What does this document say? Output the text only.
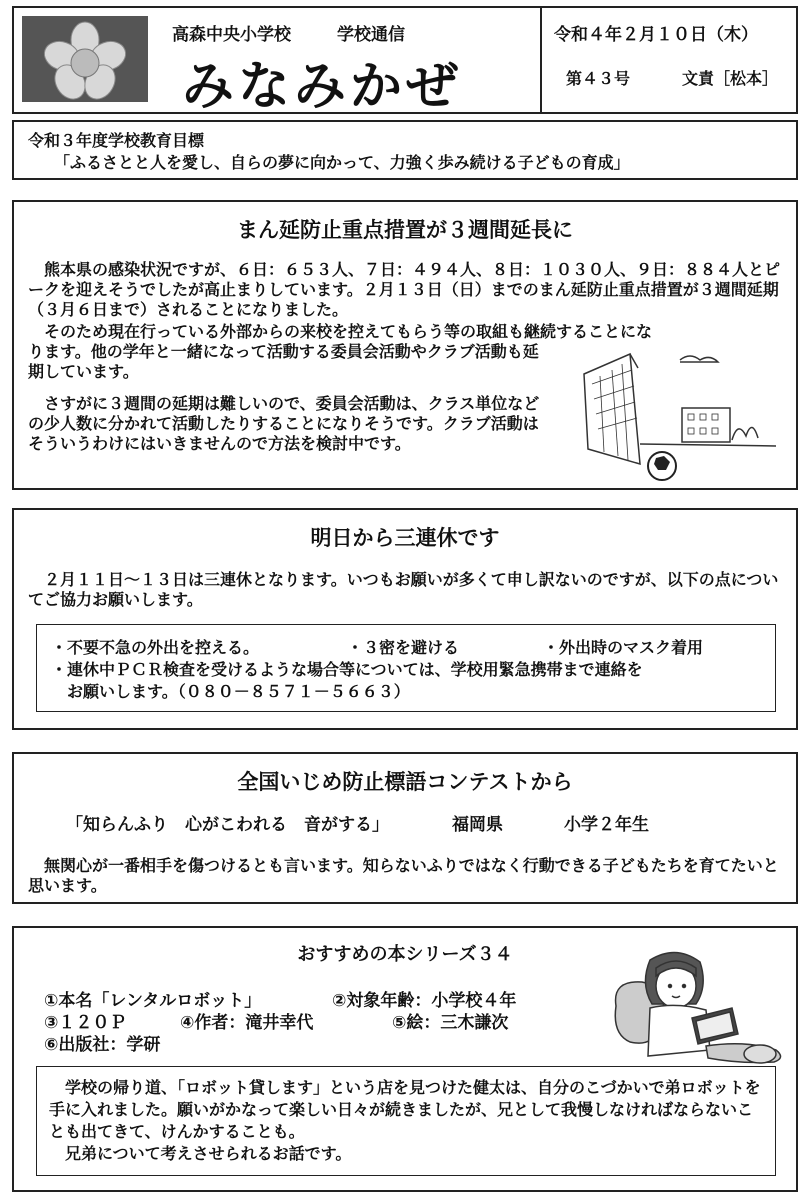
高森中央小学校	学校通信
みなみかぜ
令和４年２月１０日（木）
第４３号	文責［松本］
令和３年度学校教育目標
「ふるさとと人を愛し、自らの夢に向かって、力強く歩み続ける子どもの育成」
まん延防止重点措置が３週間延長に
　熊本県の感染状況ですが、６日：６５３人、７日：４９４人、８日：１０３０人、９日：８８４人とピークを迎えそうでしたが高止まりしています。２月１３日（日）までのまん延防止重点措置が３週間延期（３月６日まで）されることになりました。
　そのため現在行っている外部からの来校を控えてもらう等の取組も継続することにな
ります。他の学年と一緒になって活動する委員会活動やクラブ活動も延期しています。
　さすがに３週間の延期は難しいので、委員会活動は、クラス単位などの少人数に分かれて活動したりすることになりそうです。クラブ活動はそういうわけにはいきませんので方法を検討中です。
明日から三連休です
　２月１１日～１３日は三連休となります。いつもお願いが多くて申し訳ないのですが、以下の点についてご協力お願いします。
・不要不急の外出を控える。	・３密を避ける	・外出時のマスク着用
・連休中ＰＣＲ検査を受けるような場合等については、学校用緊急携帯まで連絡を
お願いします。（０８０－８５７１－５６６３）
全国いじめ防止標語コンテストから
「知らんふり　心がこわれる　音がする」	福岡県	小学２年生
　無関心が一番相手を傷つけるとも言います。知らないふりではなく行動できる子どもたちを育てたいと思います。
おすすめの本シリーズ３４
①本名「レンタルロボット」	②対象年齢：小学校４年
③１２０Ｐ	④作者：滝井幸代	⑤絵：三木謙次
⑥出版社：学研
　学校の帰り道、「ロボット貸します」という店を見つけた健太は、自分のこづかいで弟ロボットを手に入れました。願いがかなって楽しい日々が続きましたが、兄として我慢しなければならないことも出てきて、けんかすることも。
　兄弟について考えさせられるお話です。
